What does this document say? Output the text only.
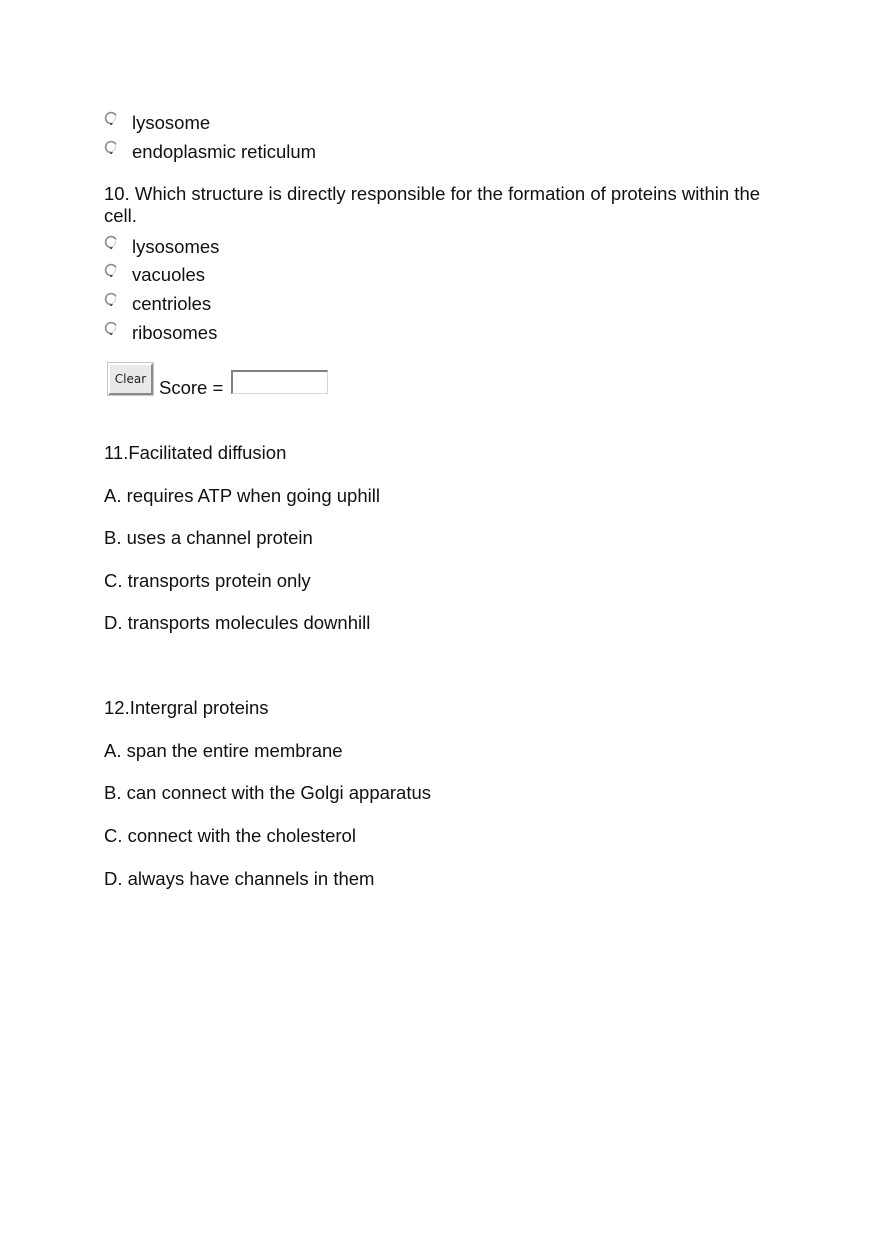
lysosome
endoplasmic reticulum
10. Which structure is directly responsible for the formation of proteins within the cell.
lysosomes
vacuoles
centrioles
ribosomes
Clear Score =
11.Facilitated diffusion
A. requires ATP when going uphill
B. uses a channel protein
C. transports protein only
D. transports molecules downhill
12.Intergral proteins
A. span the entire membrane
B. can connect with the Golgi apparatus
C. connect with the cholesterol
D. always have channels in them
